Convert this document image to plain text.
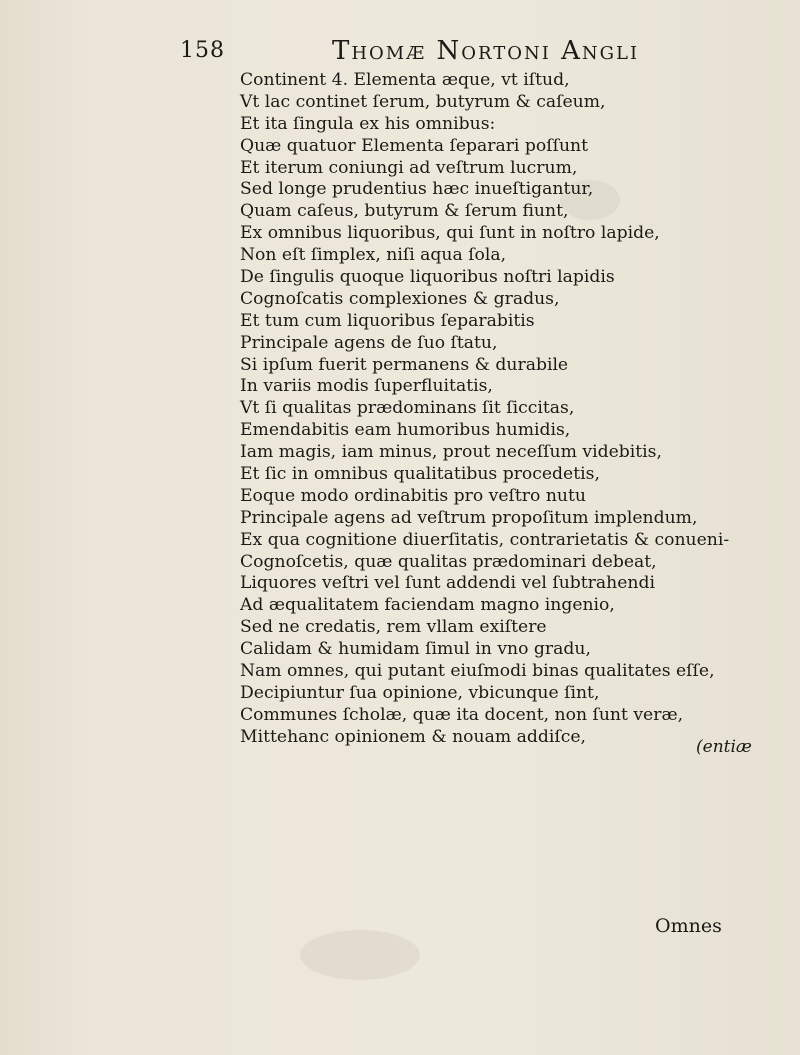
158	Thomæ Nortoni Angli
Continent 4. Elementa æque, vt iſtud,
Vt lac continet ſerum, butyrum & caſeum,
Et ita ſingula ex his omnibus:
Quæ quatuor Elementa ſeparari poſſunt
Et iterum coniungi ad veſtrum lucrum,
Sed longe prudentius hæc inueſtigantur,
Quam caſeus, butyrum & ſerum fiunt,
Ex omnibus liquoribus, qui ſunt in noſtro lapide,
Non eſt ſimplex, niſi aqua ſola,
De ſingulis quoque liquoribus noſtri lapidis
Cognoſcatis complexiones & gradus,
Et tum cum liquoribus ſeparabitis
Principale agens de ſuo ſtatu,
Si ipſum fuerit permanens & durabile
In variis modis ſuperfluitatis,
Vt ſi qualitas prædominans ſit ſiccitas,
Emendabitis eam humoribus humidis,
Iam magis, iam minus, prout neceſſum videbitis,
Et ſic in omnibus qualitatibus procedetis,
Eoque modo ordinabitis pro veſtro nutu
Principale agens ad veſtrum propoſitum implendum,
Ex qua cognitione diuerſitatis, contrarietatis & conueni-
Cognoſcetis, quæ qualitas prædominari debeat,
Liquores veſtri vel ſunt addendi vel ſubtrahendi
Ad æqualitatem faciendam magno ingenio,
Sed ne credatis, rem vllam exiſtere
Calidam & humidam ſimul in vno gradu,
Nam omnes, qui putant eiuſmodi binas qualitates eſſe,
Decipiuntur ſua opinione, vbicunque ſint,
Communes ſcholæ, quæ ita docent, non ſunt veræ,
Mittehanc opinionem & nouam addiſce,
(entiæ
Omnes
